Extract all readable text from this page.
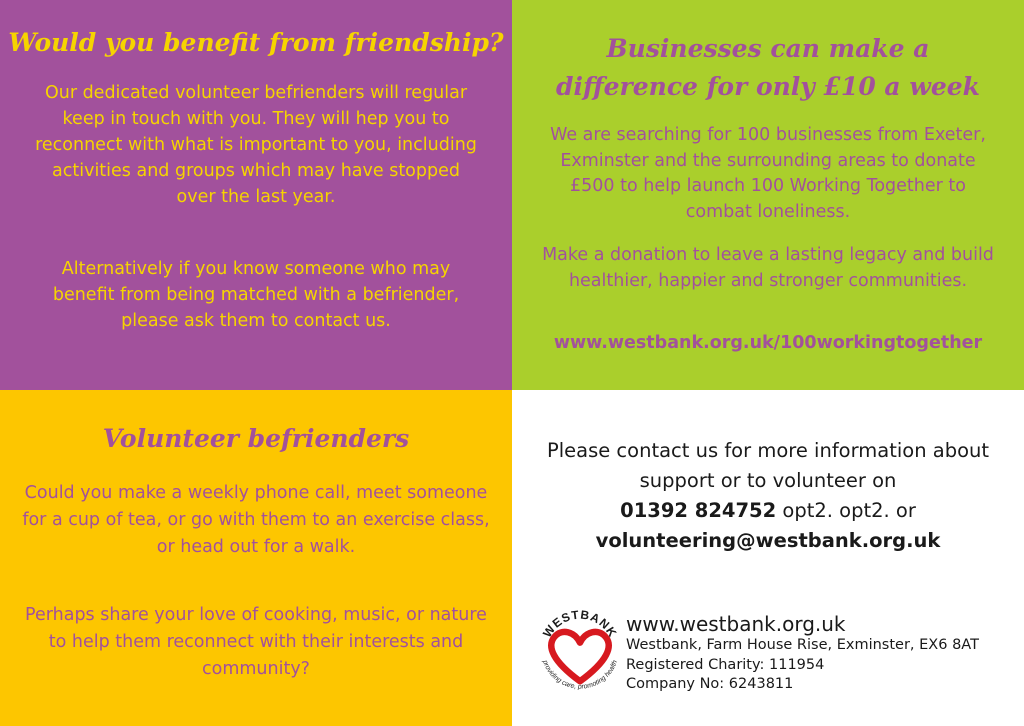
Would you benefit from friendship?
Our dedicated volunteer befrienders will regular keep in touch with you. They will hep you to reconnect with what is important to you, including activities and groups which may have stopped over the last year.
Alternatively if you know someone who may benefit from being matched with a befriender, please ask them to contact us.
Businesses can make a difference for only £10 a week
We are searching for 100 businesses from Exeter, Exminster and the surrounding areas to donate £500 to help launch 100 Working Together to combat loneliness.
Make a donation to leave a lasting legacy and build healthier, happier and stronger communities.
www.westbank.org.uk/100workingtogether
Volunteer befrienders
Could you make a weekly phone call, meet someone for a cup of tea, or go with them to an exercise class, or head out for a walk.
Perhaps share your love of cooking, music, or nature to help them reconnect with their interests and community?
Please contact us for more information about support or to volunteer on
01392 824752 opt2. opt2. or
volunteering@westbank.org.uk
WESTBANK
providing care, promoting health
www.westbank.org.uk
Westbank, Farm House Rise, Exminster, EX6 8AT
Registered Charity: 111954
Company No: 6243811
